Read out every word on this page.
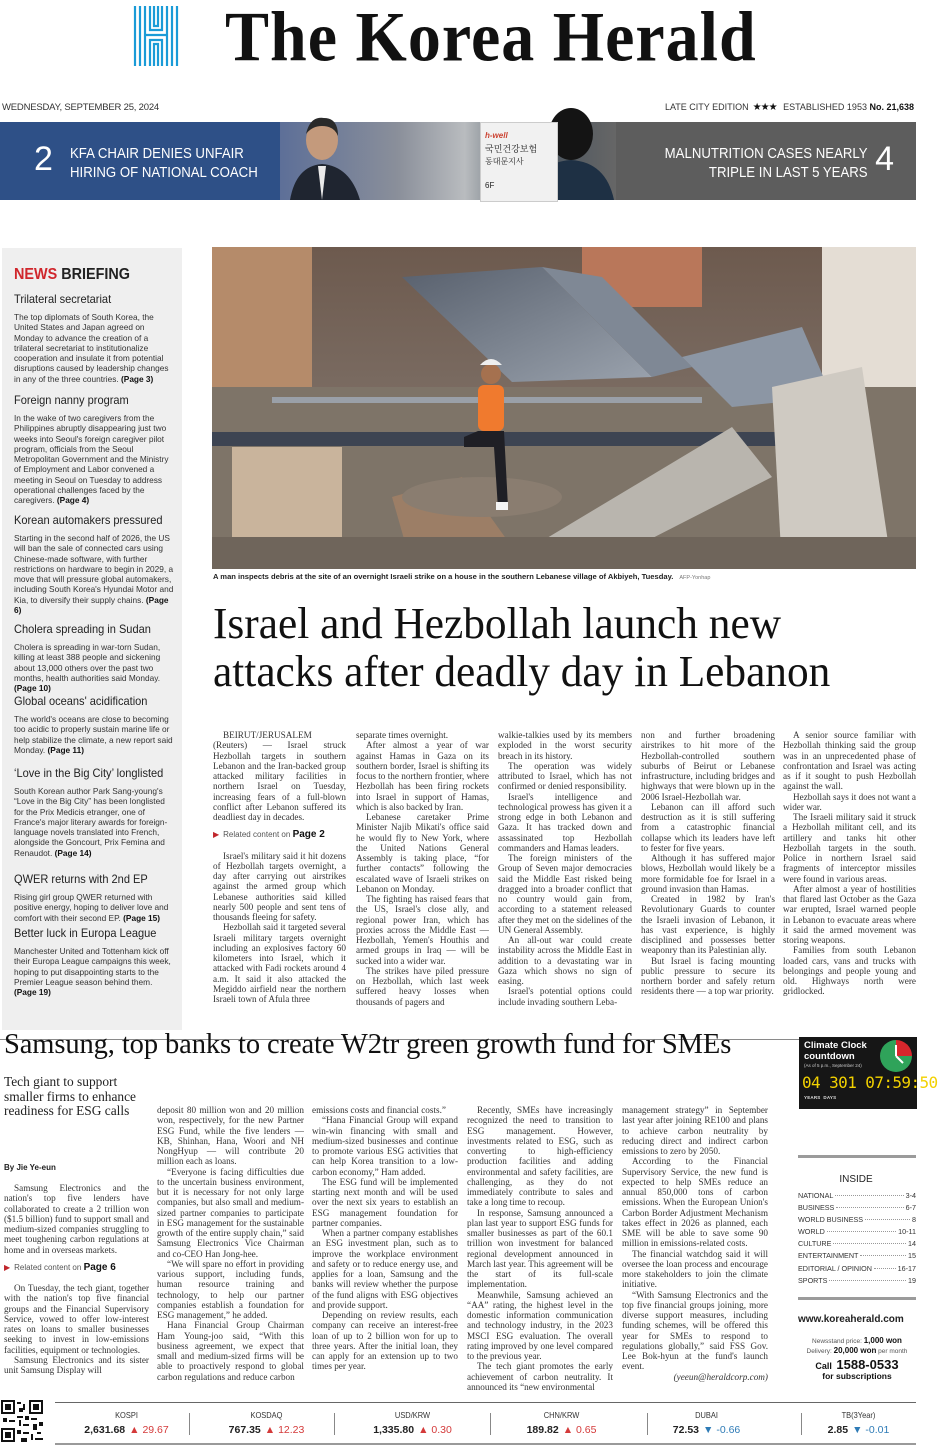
The Korea Herald
WEDNESDAY, SEPTEMBER 25, 2024	LATE CITY EDITION ★★★ ESTABLISHED 1953 No. 21,638
2 KFA CHAIR DENIES UNFAIR
HIRING OF NATIONAL COACH
h-well
국민건강보험
동대문지사
6F
MALNUTRITION CASES NEARLY
TRIPLE IN LAST 5 YEARS 4
NEWS BRIEFING
Trilateral secretariat

The top diplomats of South Korea, the United States and Japan agreed on Monday to advance the creation of a trilateral secretariat to institutionalize cooperation and insulate it from potential disruptions caused by leadership changes in any of the three countries. (Page 3)

Foreign nanny program

In the wake of two caregivers from the Philippines abruptly disappearing just two weeks into Seoul's foreign caregiver pilot program, officials from the Seoul Metropolitan Government and the Ministry of Employment and Labor convened a meeting in Seoul on Tuesday to address operational challenges faced by the caregivers. (Page 4)

Korean automakers pressured

Starting in the second half of 2026, the US will ban the sale of connected cars using Chinese-made software, with further restrictions on hardware to begin in 2029, a move that will pressure global automakers, including South Korea's Hyundai Motor and Kia, to diversify their supply chains. (Page 6)

Cholera spreading in Sudan

Cholera is spreading in war-torn Sudan, killing at least 388 people and sickening about 13,000 others over the past two months, health authorities said Monday. (Page 10)

Global oceans' acidification

The world's oceans are close to becoming too acidic to properly sustain marine life or help stabilize the climate, a new report said Monday. (Page 11)

‘Love in the Big City’ longlisted

South Korean author Park Sang-young's “Love in the Big City” has been longlisted for the Prix Medicis etranger, one of France's major literary awards for foreign-language novels translated into French, alongside the Goncourt, Prix Femina and Renaudot. (Page 14)

QWER returns with 2nd EP

Rising girl group QWER returned with positive energy, hoping to deliver love and comfort with their second EP. (Page 15)

Better luck in Europa League

Manchester United and Tottenham kick off their Europa League campaigns this week, hoping to put disappointing starts to the Premier League season behind them. (Page 19)

A man inspects debris at the site of an overnight Israeli strike on a house in the southern Lebanese village of Akbiyeh, Tuesday. AFP-Yonhap
Israel and Hezbollah launch new attacks after deadly day in Lebanon

BEIRUT/JERUSALEM (Reuters) — Israel struck Hezbollah targets in southern Lebanon and the Iran-backed group attacked military facilities in northern Israel on Tuesday, increasing fears of a full-blown conflict after Lebanon suffered its deadliest day in decades.

▶ Related content on Page 2

Israel's military said it hit dozens of Hezbollah targets overnight, a day after carrying out airstrikes against the armed group which Lebanese authorities said killed nearly 500 people and sent tens of thousands fleeing for safety.

Hezbollah said it targeted several Israeli military targets overnight including an explosives factory 60 kilometers into Israel, which it attacked with Fadi rockets around 4 a.m. It said it also attacked the Megiddo airfield near the northern Israeli town of Afula three

separate times overnight.

After almost a year of war against Hamas in Gaza on its southern border, Israel is shifting its focus to the northern frontier, where Hezbollah has been firing rockets into Israel in support of Hamas, which is also backed by Iran.

Lebanese caretaker Prime Minister Najib Mikati's office said he would fly to New York, where the United Nations General Assembly is taking place, “for further contacts” following the escalated wave of Israeli strikes on Lebanon on Monday.

The fighting has raised fears that the US, Israel's close ally, and regional power Iran, which has proxies across the Middle East — Hezbollah, Yemen's Houthis and armed groups in Iraq — will be sucked into a wider war.

The strikes have piled pressure on Hezbollah, which last week suffered heavy losses when thousands of pagers and

walkie-talkies used by its members exploded in the worst security breach in its history.

The operation was widely attributed to Israel, which has not confirmed or denied responsibility.

Israel's intelligence and technological prowess has given it a strong edge in both Lebanon and Gaza. It has tracked down and assassinated top Hezbollah commanders and Hamas leaders.

The foreign ministers of the Group of Seven major democracies said the Middle East risked being dragged into a broader conflict that no country would gain from, according to a statement released after they met on the sidelines of the UN General Assembly.

An all-out war could create instability across the Middle East in addition to a devastating war in Gaza which shows no sign of easing.

Israel's potential options could include invading southern Leba-

non and further broadening airstrikes to hit more of the Hezbollah-controlled southern suburbs of Beirut or Lebanese infrastructure, including bridges and highways that were blown up in the 2006 Israel-Hezbollah war.

Lebanon can ill afford such destruction as it is still suffering from a catastrophic financial collapse which its leaders have left to fester for five years.

Although it has suffered major blows, Hezbollah would likely be a more formidable foe for Israel in a ground invasion than Hamas.

Created in 1982 by Iran's Revolutionary Guards to counter the Israeli invasion of Lebanon, it has vast experience, is highly disciplined and possesses better weaponry than its Palestinian ally.

But Israel is facing mounting public pressure to secure its northern border and safely return residents there — a top war priority.

A senior source familiar with Hezbollah thinking said the group was in an unprecedented phase of confrontation and Israel was acting as if it sought to push Hezbollah against the wall.

Hezbollah says it does not want a wider war.

The Israeli military said it struck a Hezbollah militant cell, and its artillery and tanks hit other Hezbollah targets in the south. Police in northern Israel said fragments of interceptor missiles were found in various areas.

After almost a year of hostilities that flared last October as the Gaza war erupted, Israel warned people in Lebanon to evacuate areas where it said the armed movement was storing weapons.

Families from south Lebanon loaded cars, vans and trucks with belongings and people young and old. Highways north were gridlocked.

Samsung, top banks to create W2tr green growth fund for SMEs
Tech giant to support smaller firms to enhance readiness for ESG calls
By Jie Ye-eun

Samsung Electronics and the nation's top five lenders have collaborated to create a 2 trillion won ($1.5 billion) fund to support small and medium-sized companies struggling to meet toughening carbon regulations at home and in overseas markets.

▶ Related content on Page 6

On Tuesday, the tech giant, together with the nation's top five financial groups and the Financial Supervisory Service, vowed to offer low-interest rates on loans to smaller businesses seeking to invest in low-emissions facilities, equipment or technologies.

Samsung Electronics and its sister unit Samsung Display will

deposit 80 million won and 20 million won, respectively, for the new Partner ESG Fund, while the five lenders — KB, Shinhan, Hana, Woori and NH NongHyup — will contribute 20 million each as loans.

“Everyone is facing difficulties due to the uncertain business environment, but it is necessary for not only large companies, but also small and medium-sized partner companies to participate in ESG management for the sustainable growth of the entire supply chain,” said Samsung Electronics Vice Chairman and co-CEO Han Jong-hee.

“We will spare no effort in providing various support, including funds, human resource training and technology, to help our partner companies establish a foundation for ESG management,” he added.

Hana Financial Group Chairman Ham Young-joo said, “With this business agreement, we expect that small and medium-sized firms will be able to proactively respond to global carbon regulations and reduce carbon

emissions costs and financial costs.”

“Hana Financial Group will expand win-win financing with small and medium-sized businesses and continue to promote various ESG activities that can help Korea transition to a low-carbon economy,” Ham added.

The ESG fund will be implemented starting next month and will be used over the next six years to establish an ESG management foundation for partner companies.

When a partner company establishes an ESG investment plan, such as to improve the workplace environment and safety or to reduce energy use, and applies for a loan, Samsung and the banks will review whether the purpose of the fund aligns with ESG objectives and provide support.

Depending on review results, each company can receive an interest-free loan of up to 2 billion won for up to three years. After the initial loan, they can apply for an extension up to two times per year.

Recently, SMEs have increasingly recognized the need to transition to ESG management. However, investments related to ESG, such as converting to high-efficiency production facilities and adding environmental and safety facilities, are challenging, as they do not immediately contribute to sales and take a long time to recoup.

In response, Samsung announced a plan last year to support ESG funds for smaller businesses as part of the 60.1 trillion won investment for balanced regional development announced in March last year. This agreement will be the start of its full-scale implementation.

Meanwhile, Samsung achieved an “AA” rating, the highest level in the domestic information communication and technology industry, in the 2023 MSCI ESG evaluation. The overall rating improved by one level compared to the previous year.

The tech giant promotes the early achievement of carbon neutrality. It announced its “new environmental

management strategy” in September last year after joining RE100 and plans to achieve carbon neutrality by reducing direct and indirect carbon emissions to zero by 2050.

According to the Financial Supervisory Service, the new fund is expected to help SMEs reduce an annual 850,000 tons of carbon emissions. When the European Union's Carbon Border Adjustment Mechanism takes effect in 2026 as planned, each SME will be able to save some 90 million in emissions-related costs.

The financial watchdog said it will oversee the loan process and encourage more stakeholders to join the climate initiative.

“With Samsung Electronics and the top five financial groups joining, more diverse support measures, including funding schemes, will be offered this year for SMEs to respond to regulations globally,” said FSS Gov. Lee Bok-hyun at the fund's launch event.

(yeeun@heraldcorp.com)
Climate Clock countdown
(As of 5 p.m., September 24)
04 301 07:59:50
YEARS DAYS
INSIDE
NATIONAL	3-4
BUSINESS	6-7
WORLD BUSINESS	8
WORLD	10-11
CULTURE	14
ENTERTAINMENT	15
EDITORIAL / OPINION	16-17
SPORTS	19
www.koreaherald.com
Newsstand price: 1,000 won
Delivery: 20,000 won per month
Call 1588-0533
for subscriptions
KOSPI
2,631.68 ▲ 29.67
KOSDAQ
767.35 ▲ 12.23
USD/KRW
1,335.80 ▲ 0.30
CHN/KRW
189.82 ▲ 0.65
DUBAI
72.53 ▼ -0.66
TB(3Year)
2.85 ▼ -0.01
